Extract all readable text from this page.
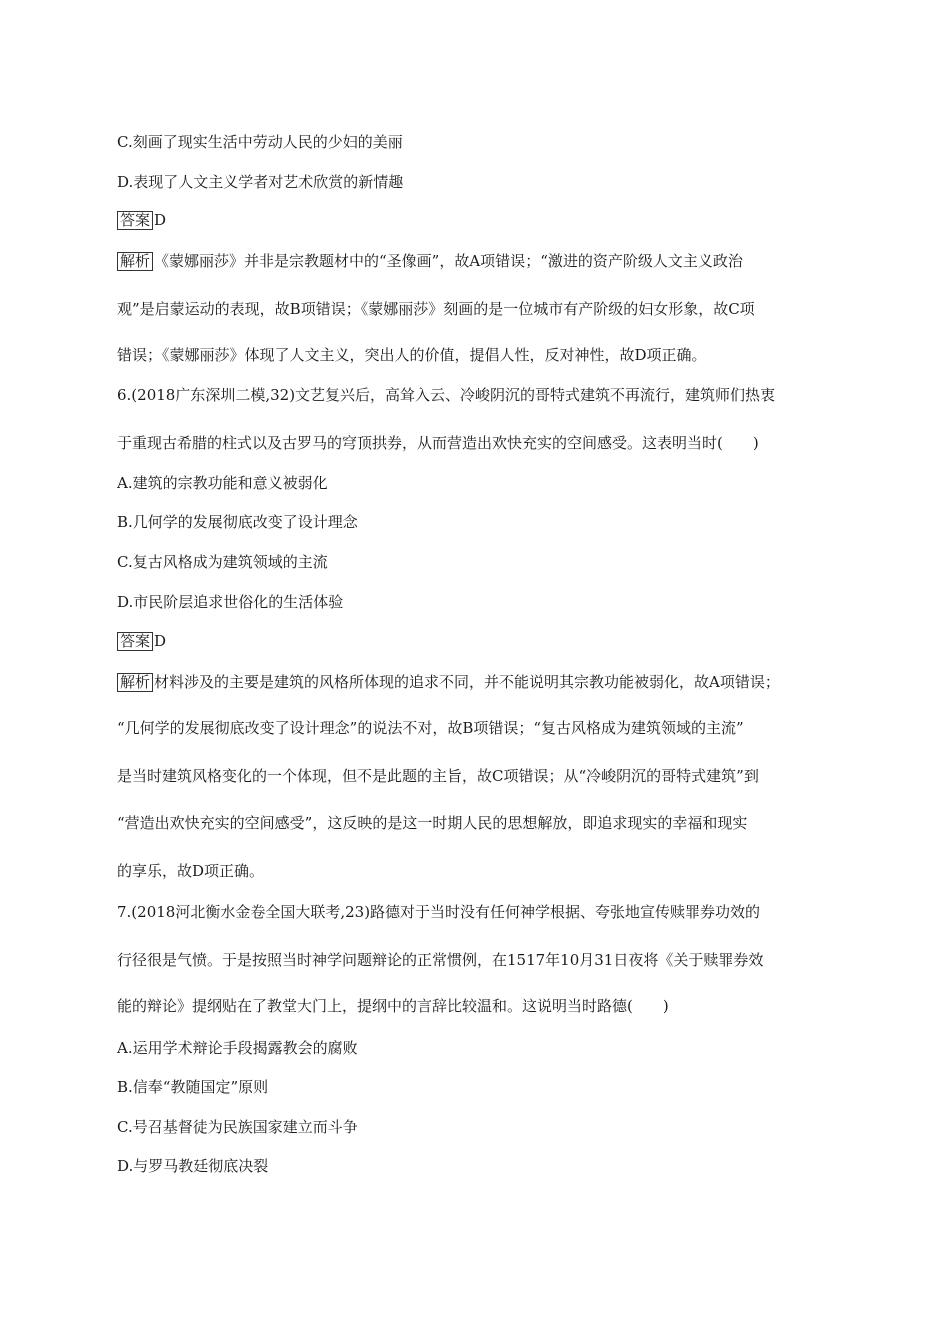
C.刻画了现实生活中劳动人民的少妇的美丽
D.表现了人文主义学者对艺术欣赏的新情趣
答案 D
解析 《蒙娜丽莎》并非是宗教题材中的“圣像画”，故A项错误；“激进的资产阶级人文主义政治
观”是启蒙运动的表现，故B项错误；《蒙娜丽莎》刻画的是一位城市有产阶级的妇女形象，故C项
错误；《蒙娜丽莎》体现了人文主义，突出人的价值，提倡人性，反对神性，故D项正确。
6.(2018广东深圳二模,32)文艺复兴后，高耸入云、冷峻阴沉的哥特式建筑不再流行，建筑师们热衷
于重现古希腊的柱式以及古罗马的穹顶拱券，从而营造出欢快充实的空间感受。这表明当时(　　)
A.建筑的宗教功能和意义被弱化
B.几何学的发展彻底改变了设计理念
C.复古风格成为建筑领域的主流
D.市民阶层追求世俗化的生活体验
答案 D
解析 材料涉及的主要是建筑的风格所体现的追求不同，并不能说明其宗教功能被弱化，故A项错误；
“几何学的发展彻底改变了设计理念”的说法不对，故B项错误；“复古风格成为建筑领域的主流”
是当时建筑风格变化的一个体现，但不是此题的主旨，故C项错误；从“冷峻阴沉的哥特式建筑”到
“营造出欢快充实的空间感受”，这反映的是这一时期人民的思想解放，即追求现实的幸福和现实
的享乐，故D项正确。
7.(2018河北衡水金卷全国大联考,23)路德对于当时没有任何神学根据、夸张地宣传赎罪券功效的
行径很是气愤。于是按照当时神学问题辩论的正常惯例，在1517年10月31日夜将《关于赎罪券效
能的辩论》提纲贴在了教堂大门上，提纲中的言辞比较温和。这说明当时路德(　　)
A.运用学术辩论手段揭露教会的腐败
B.信奉“教随国定”原则
C.号召基督徒为民族国家建立而斗争
D.与罗马教廷彻底决裂
